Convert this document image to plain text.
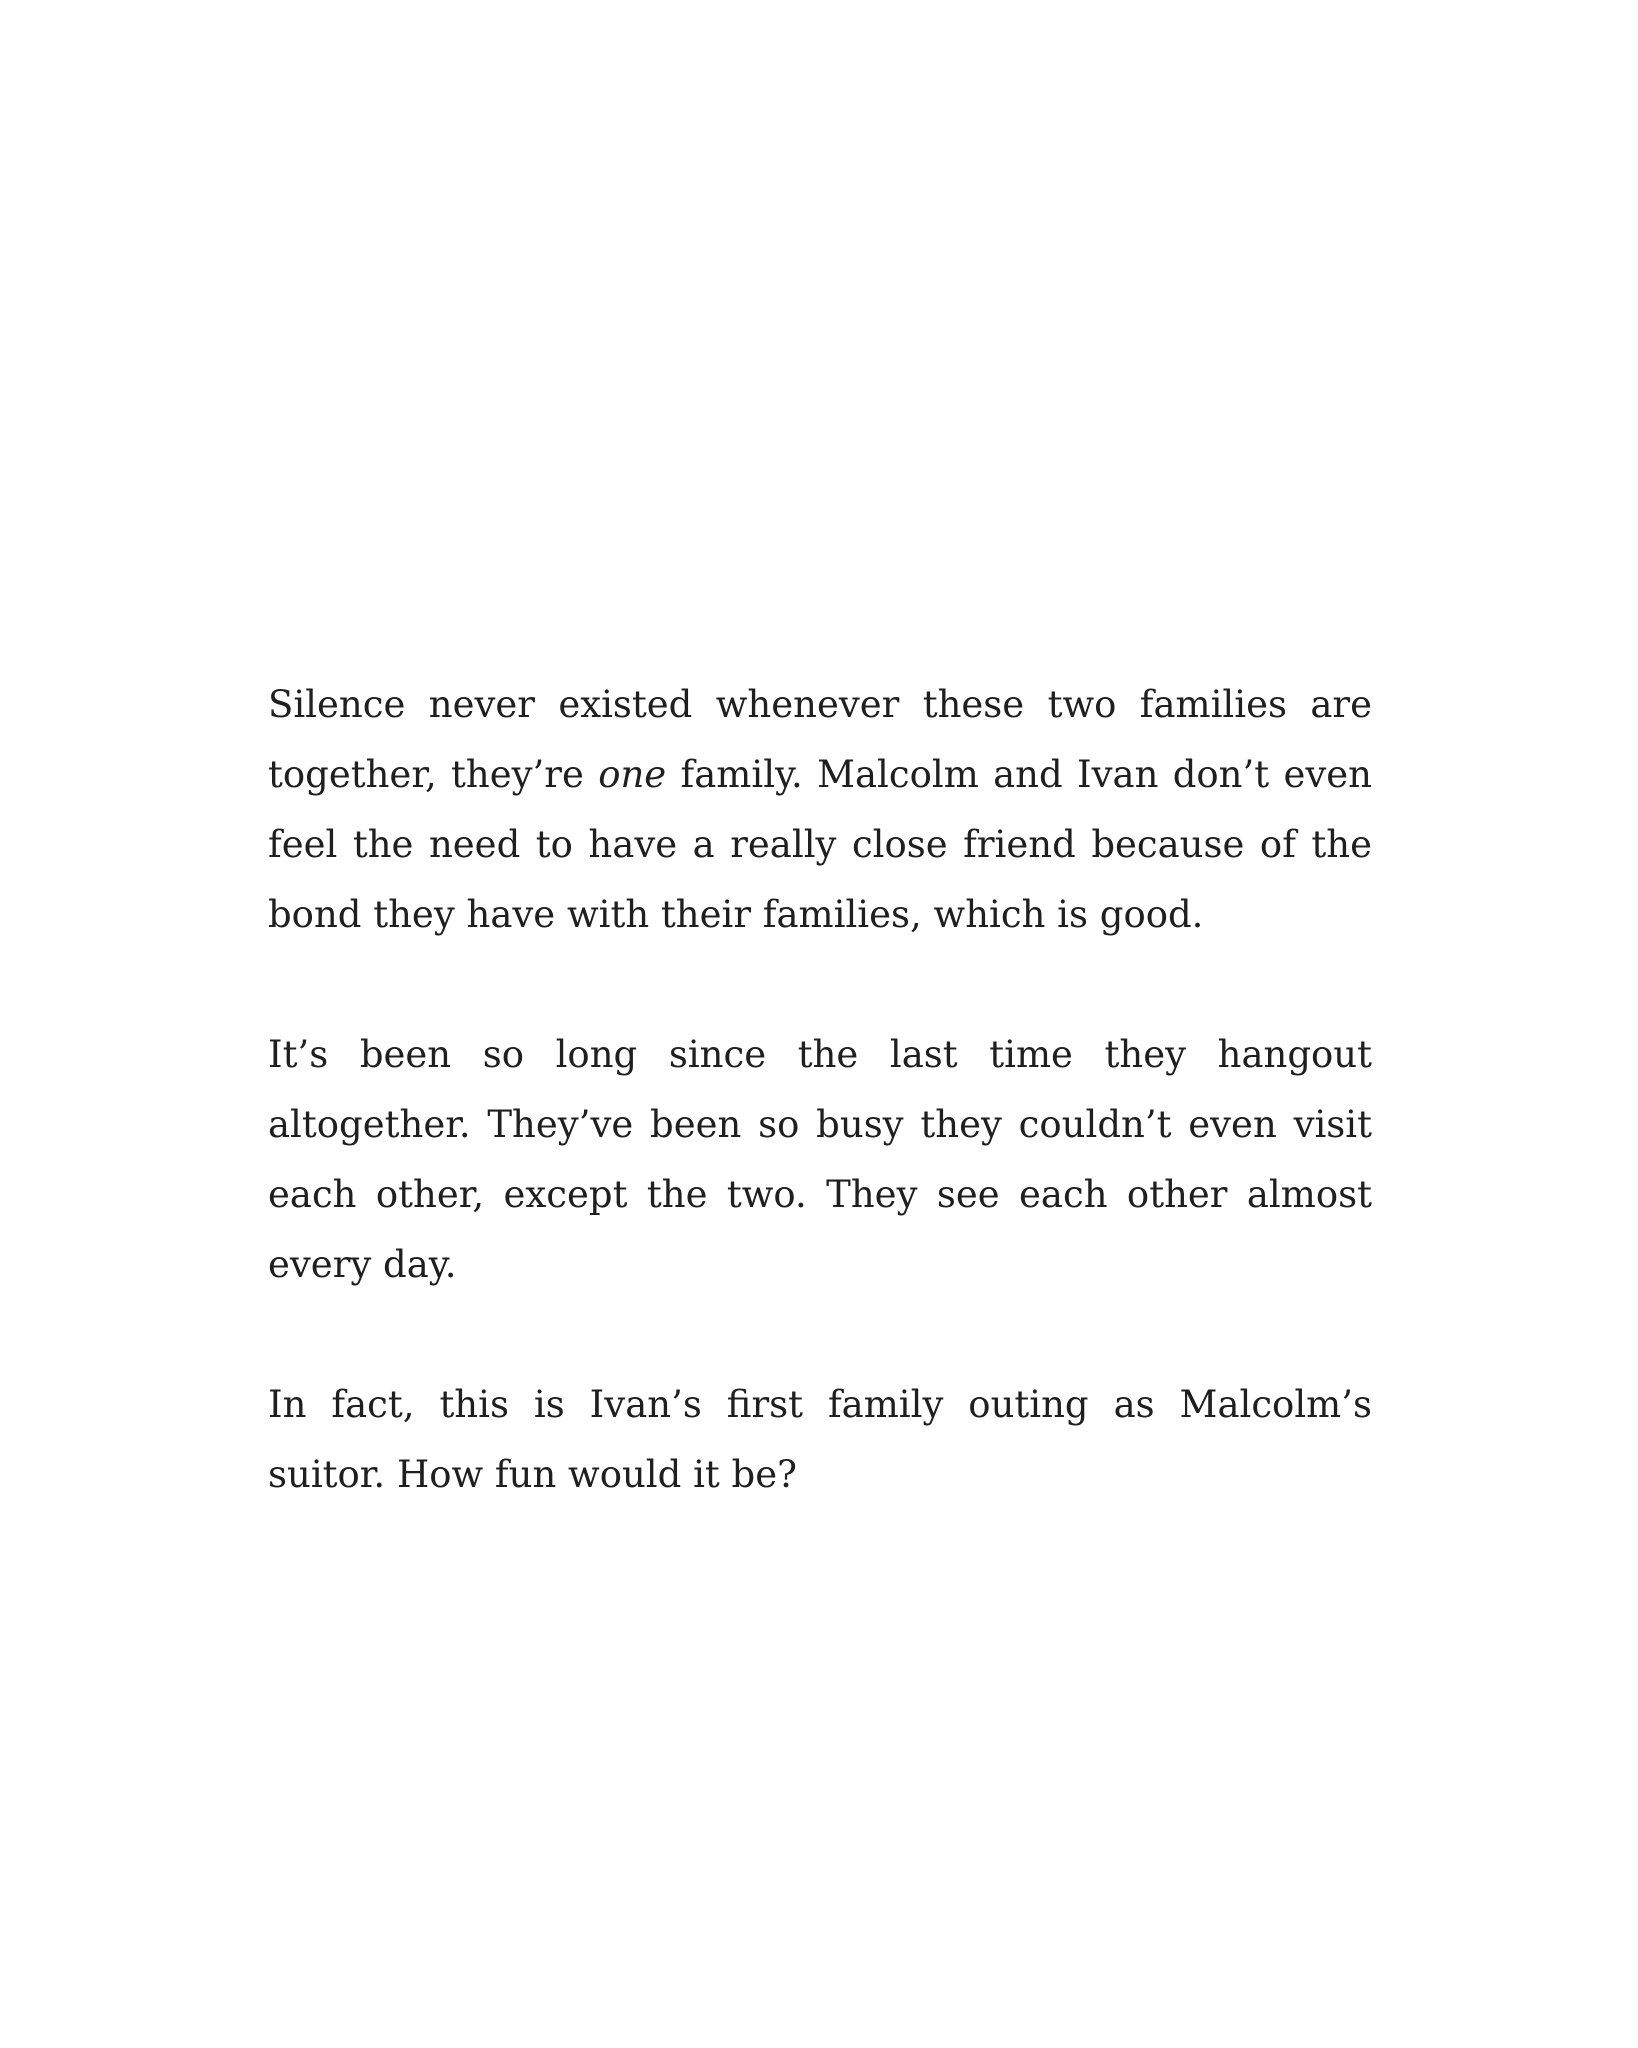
Silence never existed whenever these two families are together, they’re one family. Malcolm and Ivan don’t even feel the need to have a really close friend because of the bond they have with their families, which is good.

It’s been so long since the last time they hangout altogether. They’ve been so busy they couldn’t even visit each other, except the two. They see each other almost every day.

In fact, this is Ivan’s first family outing as Malcolm’s suitor. How fun would it be?
